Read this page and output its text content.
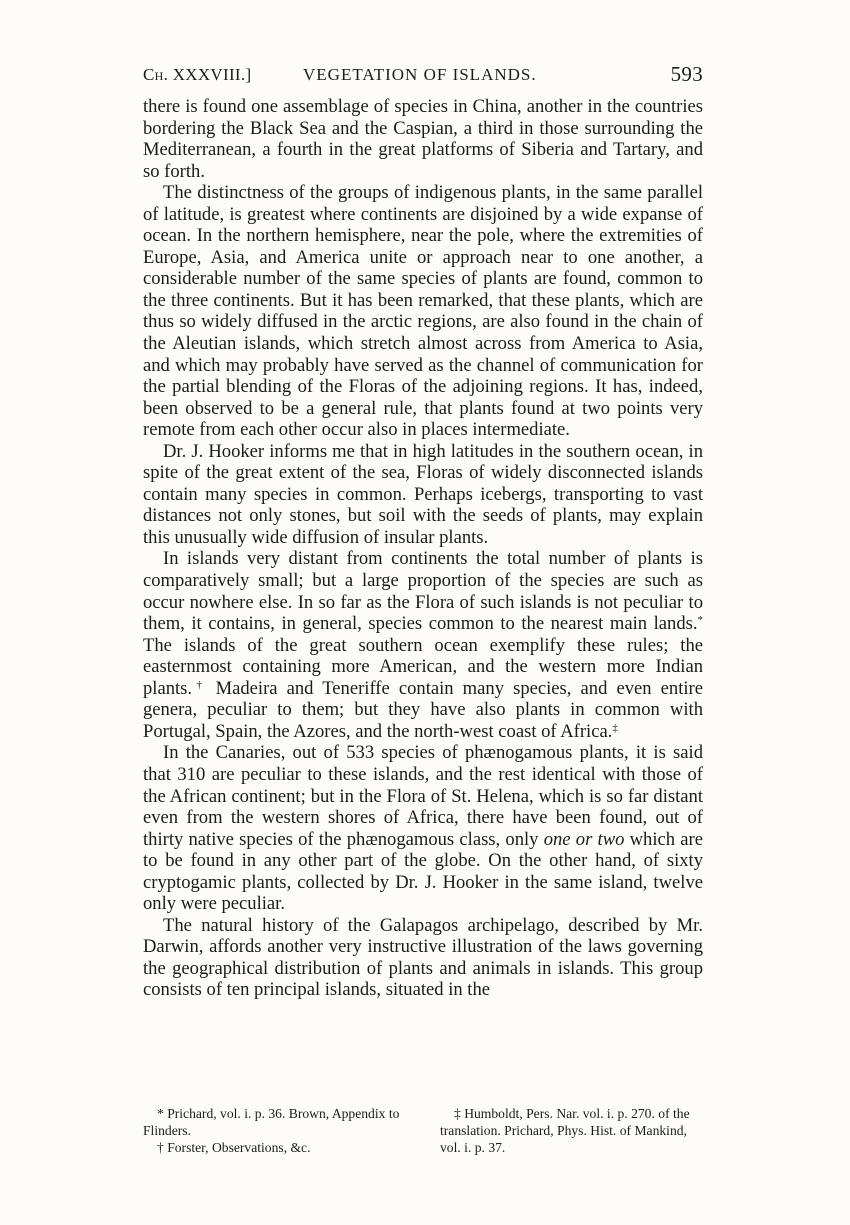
Ch. XXXVIII.]	VEGETATION OF ISLANDS.	593

there is found one assemblage of species in China, another in the countries bordering the Black Sea and the Caspian, a third in those surrounding the Mediterranean, a fourth in the great platforms of Siberia and Tartary, and so forth.

The distinctness of the groups of indigenous plants, in the same parallel of latitude, is greatest where continents are disjoined by a wide expanse of ocean. In the northern hemisphere, near the pole, where the extremities of Europe, Asia, and America unite or approach near to one another, a considerable number of the same species of plants are found, common to the three continents. But it has been remarked, that these plants, which are thus so widely diffused in the arctic regions, are also found in the chain of the Aleutian islands, which stretch almost across from America to Asia, and which may probably have served as the channel of communication for the partial blending of the Floras of the adjoining regions. It has, indeed, been observed to be a general rule, that plants found at two points very remote from each other occur also in places intermediate.

Dr. J. Hooker informs me that in high latitudes in the southern ocean, in spite of the great extent of the sea, Floras of widely disconnected islands contain many species in common. Perhaps icebergs, transporting to vast distances not only stones, but soil with the seeds of plants, may explain this unusually wide diffusion of insular plants.

In islands very distant from continents the total number of plants is comparatively small; but a large proportion of the species are such as occur nowhere else. In so far as the Flora of such islands is not peculiar to them, it contains, in general, species common to the nearest main lands.* The islands of the great southern ocean exemplify these rules; the easternmost containing more American, and the western more Indian plants.† Madeira and Teneriffe contain many species, and even entire genera, peculiar to them; but they have also plants in common with Portugal, Spain, the Azores, and the north-west coast of Africa.‡

In the Canaries, out of 533 species of phænogamous plants, it is said that 310 are peculiar to these islands, and the rest identical with those of the African continent; but in the Flora of St. Helena, which is so far distant even from the western shores of Africa, there have been found, out of thirty native species of the phænogamous class, only one or two which are to be found in any other part of the globe. On the other hand, of sixty cryptogamic plants, collected by Dr. J. Hooker in the same island, twelve only were peculiar.

The natural history of the Galapagos archipelago, described by Mr. Darwin, affords another very instructive illustration of the laws governing the geographical distribution of plants and animals in islands. This group consists of ten principal islands, situated in the

* Prichard, vol. i. p. 36. Brown, Appendix to Flinders.

† Forster, Observations, &c.

‡ Humboldt, Pers. Nar. vol. i. p. 270. of the translation. Prichard, Phys. Hist. of Mankind, vol. i. p. 37.
